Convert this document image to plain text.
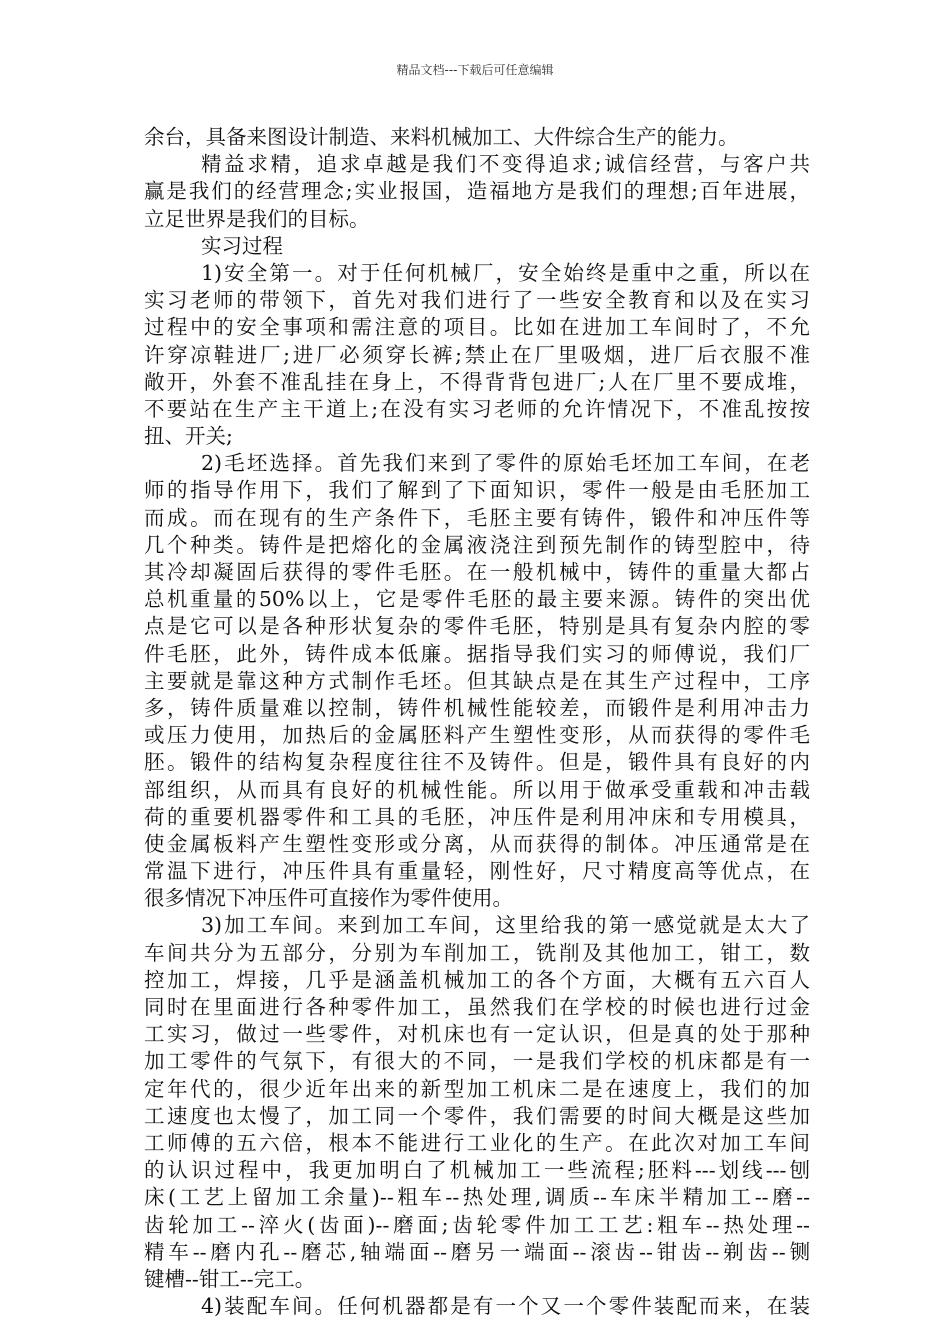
精品文档---下载后可任意编辑
余台，具备来图设计制造、来料机械加工、大件综合生产的能力。
精益求精，追求卓越是我们不变得追求;诚信经营，与客户共
赢是我们的经营理念;实业报国，造福地方是我们的理想;百年进展，
立足世界是我们的目标。
实习过程
1)安全第一。对于任何机械厂，安全始终是重中之重，所以在
实习老师的带领下，首先对我们进行了一些安全教育和以及在实习
过程中的安全事项和需注意的项目。比如在进加工车间时了，不允
许穿凉鞋进厂;进厂必须穿长裤;禁止在厂里吸烟，进厂后衣服不准
敞开，外套不准乱挂在身上，不得背背包进厂;人在厂里不要成堆，
不要站在生产主干道上;在没有实习老师的允许情况下，不准乱按按
扭、开关;
2)毛坯选择。首先我们来到了零件的原始毛坯加工车间，在老
师的指导作用下，我们了解到了下面知识，零件一般是由毛胚加工
而成。而在现有的生产条件下，毛胚主要有铸件，锻件和冲压件等
几个种类。铸件是把熔化的金属液浇注到预先制作的铸型腔中，待
其冷却凝固后获得的零件毛胚。在一般机械中，铸件的重量大都占
总机重量的50%以上，它是零件毛胚的最主要来源。铸件的突出优
点是它可以是各种形状复杂的零件毛胚，特别是具有复杂内腔的零
件毛胚，此外，铸件成本低廉。据指导我们实习的师傅说，我们厂
主要就是靠这种方式制作毛坯。但其缺点是在其生产过程中，工序
多，铸件质量难以控制，铸件机械性能较差，而锻件是利用冲击力
或压力使用，加热后的金属胚料产生塑性变形，从而获得的零件毛
胚。锻件的结构复杂程度往往不及铸件。但是，锻件具有良好的内
部组织，从而具有良好的机械性能。所以用于做承受重载和冲击载
荷的重要机器零件和工具的毛胚，冲压件是利用冲床和专用模具，
使金属板料产生塑性变形或分离，从而获得的制体。冲压通常是在
常温下进行，冲压件具有重量轻，刚性好，尺寸精度高等优点，在
很多情况下冲压件可直接作为零件使用。
3)加工车间。来到加工车间，这里给我的第一感觉就是太大了
车间共分为五部分，分别为车削加工，铣削及其他加工，钳工，数
控加工，焊接，几乎是涵盖机械加工的各个方面，大概有五六百人
同时在里面进行各种零件加工，虽然我们在学校的时候也进行过金
工实习，做过一些零件，对机床也有一定认识，但是真的处于那种
加工零件的气氛下，有很大的不同，一是我们学校的机床都是有一
定年代的，很少近年出来的新型加工机床二是在速度上，我们的加
工速度也太慢了，加工同一个零件，我们需要的时间大概是这些加
工师傅的五六倍，根本不能进行工业化的生产。在此次对加工车间
的认识过程中，我更加明白了机械加工一些流程;胚料---划线---刨
床(工艺上留加工余量)--粗车--热处理,调质--车床半精加工--磨--
齿轮加工--淬火(齿面)--磨面;齿轮零件加工工艺:粗车--热处理--
精车--磨内孔--磨芯,轴端面--磨另一端面--滚齿--钳齿--剃齿--铡
键槽--钳工--完工。
4)装配车间。任何机器都是有一个又一个零件装配而来，在装
